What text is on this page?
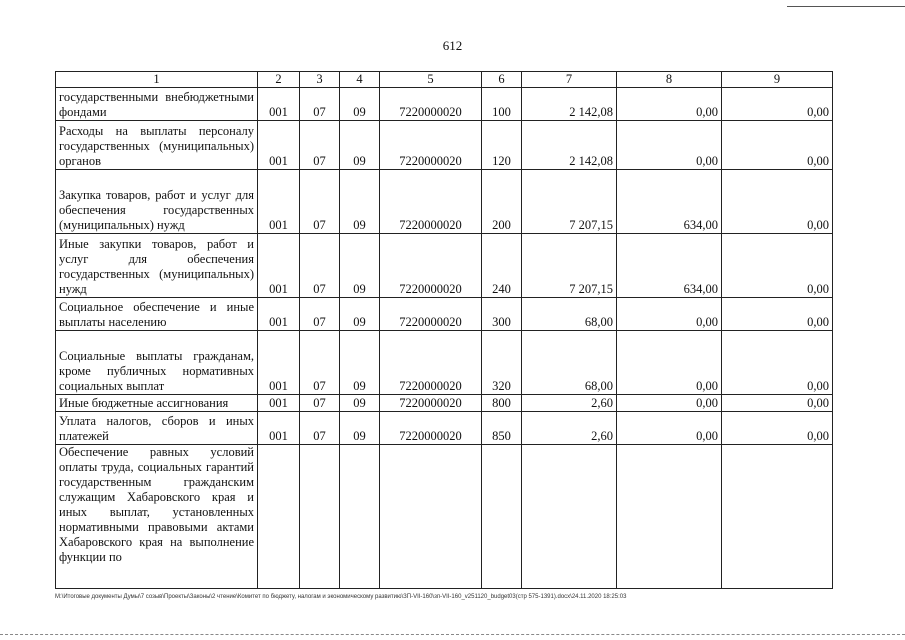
612
1	2	3	4	5	6	7	8	9
государственными внебюджетными фондами	001	07	09	7220000020	100	2 142,08	0,00	0,00
Расходы на выплаты персоналу государственных (муниципальных) органов	001	07	09	7220000020	120	2 142,08	0,00	0,00
Закупка товаров, работ и услуг для обеспечения государственных (муниципальных) нужд	001	07	09	7220000020	200	7 207,15	634,00	0,00
Иные закупки товаров, работ и услуг для обеспечения государственных (муниципальных) нужд	001	07	09	7220000020	240	7 207,15	634,00	0,00
Социальное обеспечение и иные выплаты населению	001	07	09	7220000020	300	68,00	0,00	0,00
Социальные выплаты гражданам, кроме публичных нормативных социальных выплат	001	07	09	7220000020	320	68,00	0,00	0,00
Иные бюджетные ассигнования	001	07	09	7220000020	800	2,60	0,00	0,00
Уплата налогов, сборов и иных платежей	001	07	09	7220000020	850	2,60	0,00	0,00
Обеспечение равных условий оплаты труда, социальных гарантий государственным гражданским служащим Хабаровского края и иных выплат, установленных нормативными правовыми актами Хабаровского края на выполнение функции по								
M:\Итоговые документы Думы\7 созыв\Проекты\Законы\2 чтение\Комитет по бюджету, налогам и экономическому развитию\ЗП-VII-160\зп-VII-160_v251120_budget03(стр 575-1391).docx\24.11.2020 18:25:03
